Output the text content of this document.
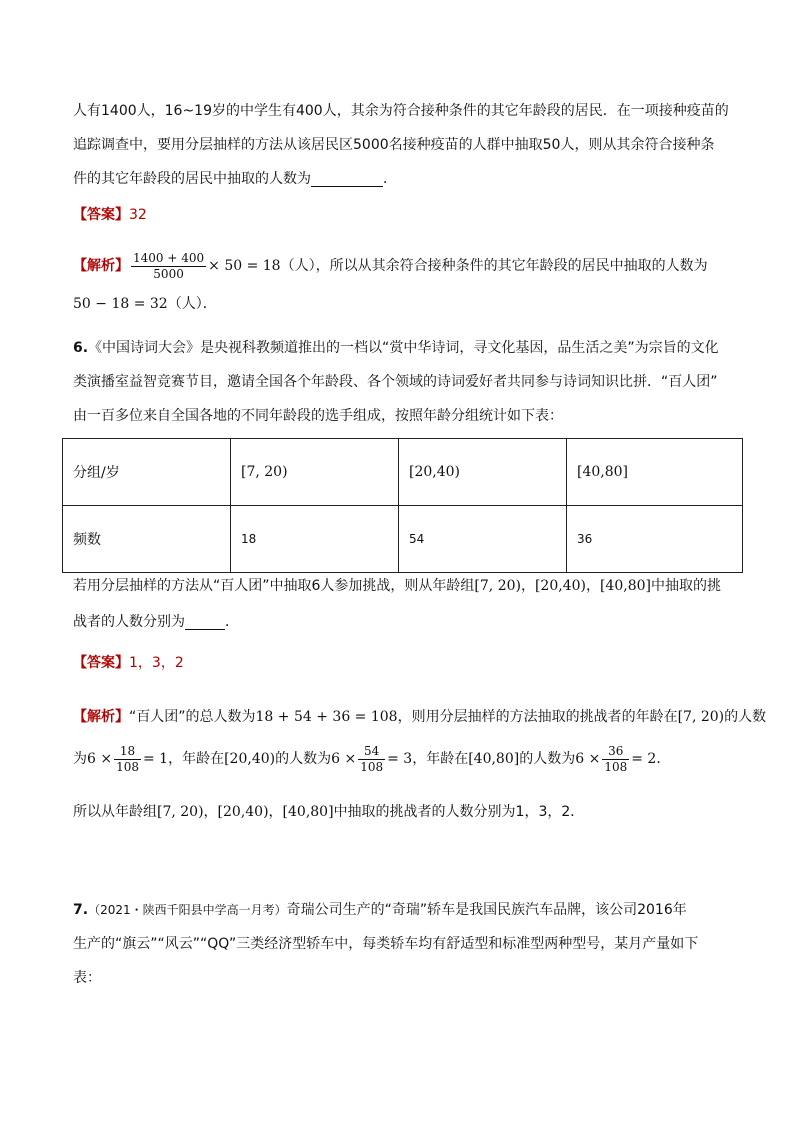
人有1400人，16~19岁的中学生有400人，其余为符合接种条件的其它年龄段的居民．在一项接种疫苗的

追踪调查中，要用分层抽样的方法从该居民区5000名接种疫苗的人群中抽取50人，则从其余符合接种条

件的其它年龄段的居民中抽取的人数为	．

【答案】32

【解析】 $\frac{1400 + 400}{5000} \times 50 = 18$（人），所以从其余符合接种条件的其它年龄段的居民中抽取的人数为

50 − 18 = 32（人）．

6.《中国诗词大会》是央视科教频道推出的一档以“赏中华诗词，寻文化基因，品生活之美”为宗旨的文化

类演播室益智竞赛节目，邀请全国各个年龄段、各个领域的诗词爱好者共同参与诗词知识比拼．“百人团”

由一百多位来自全国各地的不同年龄段的选手组成，按照年龄分组统计如下表：

分组/岁	[7, 20)	[20,40)	[40,80]
频数	18	54	36

若用分层抽样的方法从“百人团”中抽取6人参加挑战，则从年龄组[7, 20)，[20,40)，[40,80]中抽取的挑

战者的人数分别为	．

【答案】1，3，2

【解析】“百人团”的总人数为18 + 54 + 36 = 108，则用分层抽样的方法抽取的挑战者的年龄在[7, 20)的人数

为$6 \times \frac{18}{108} = 1$，年龄在[20,40)的人数为$6 \times \frac{54}{108} = 3$，年龄在[40,80]的人数为$6 \times \frac{36}{108} = 2$．

所以从年龄组[7, 20)，[20,40)，[40,80]中抽取的挑战者的人数分别为1，3，2．

7.（2021・陕西千阳县中学高一月考）奇瑞公司生产的“奇瑞”轿车是我国民族汽车品牌，该公司2016年

生产的“旗云”“风云”“QQ”三类经济型轿车中，每类轿车均有舒适型和标准型两种型号，某月产量如下

表：
